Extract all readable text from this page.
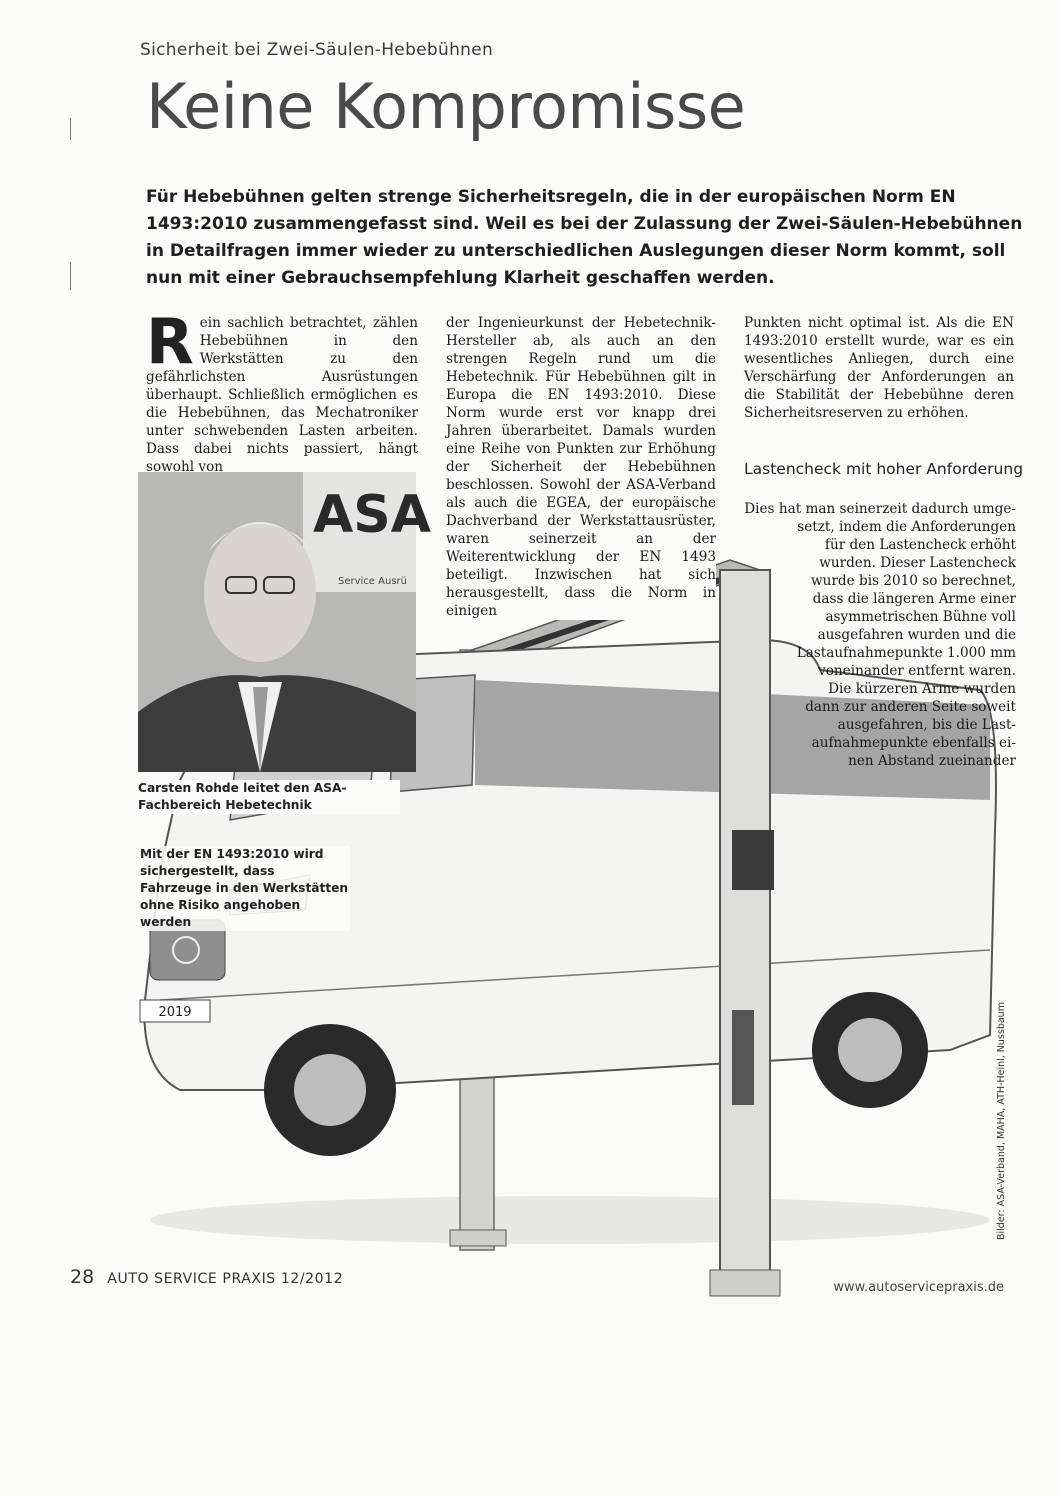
Sicherheit bei Zwei-Säulen-Hebebühnen
Keine Kompromisse
Für Hebebühnen gelten strenge Sicherheitsregeln, die in der europäischen Norm EN 1493:2010 zusammengefasst sind. Weil es bei der Zulassung der Zwei-Säulen-Hebebühnen in Detailfragen immer wieder zu unterschiedlichen Auslegungen dieser Norm kommt, soll nun mit einer Gebrauchsempfehlung Klarheit geschaffen werden.
2019
ASA
Service Ausrü
R ein sachlich betrachtet, zählen Hebebühnen in den Werkstätten zu den gefährlichsten Ausrüstungen überhaupt. Schließlich ermöglichen es die Hebebühnen, das Mechatroniker unter schwebenden Lasten arbeiten. Dass dabei nichts passiert, hängt sowohl von
der Ingenieurkunst der Hebetechnik-Hersteller ab, als auch an den strengen Regeln rund um die Hebetechnik. Für Hebebühnen gilt in Europa die EN 1493:2010. Diese Norm wurde erst vor knapp drei Jahren überarbeitet. Damals wurden eine Reihe von Punkten zur Erhöhung der Sicherheit der Hebebühnen beschlossen. Sowohl der ASA-Verband als auch die EGEA, der europäische Dachverband der Werkstattausrüster, waren seinerzeit an der Weiterentwicklung der EN 1493 beteiligt. Inzwischen hat sich herausgestellt, dass die Norm in einigen
Punkten nicht optimal ist. Als die EN 1493:2010 erstellt wurde, war es ein wesentliches Anliegen, durch eine Verschärfung der Anforderungen an die Stabilität der Hebebühne deren Sicherheitsreserven zu erhöhen.
Lastencheck mit hoher Anforderung
Dies hat man seinerzeit dadurch umge-
setzt, indem die Anforderungen
für den Lastencheck erhöht
wurden. Dieser Lastencheck
wurde bis 2010 so berechnet,
dass die längeren Arme einer
asymmetrischen Bühne voll
ausgefahren wurden und die
Lastaufnahmepunkte 1.000 mm
voneinander entfernt waren.
Die kürzeren Arme wurden
dann zur anderen Seite soweit
ausgefahren, bis die Last-
aufnahmepunkte ebenfalls ei-
nen Abstand zueinander
Carsten Rohde leitet den ASA-Fachbereich Hebetechnik
Mit der EN 1493:2010 wird sichergestellt, dass Fahrzeuge in den Werkstätten ohne Risiko angehoben werden
Bilder: ASA-Verband, MAHA, ATH-Heinl, Nussbaum
28 AUTO SERVICE PRAXIS 12/2012
www.autoservicepraxis.de
